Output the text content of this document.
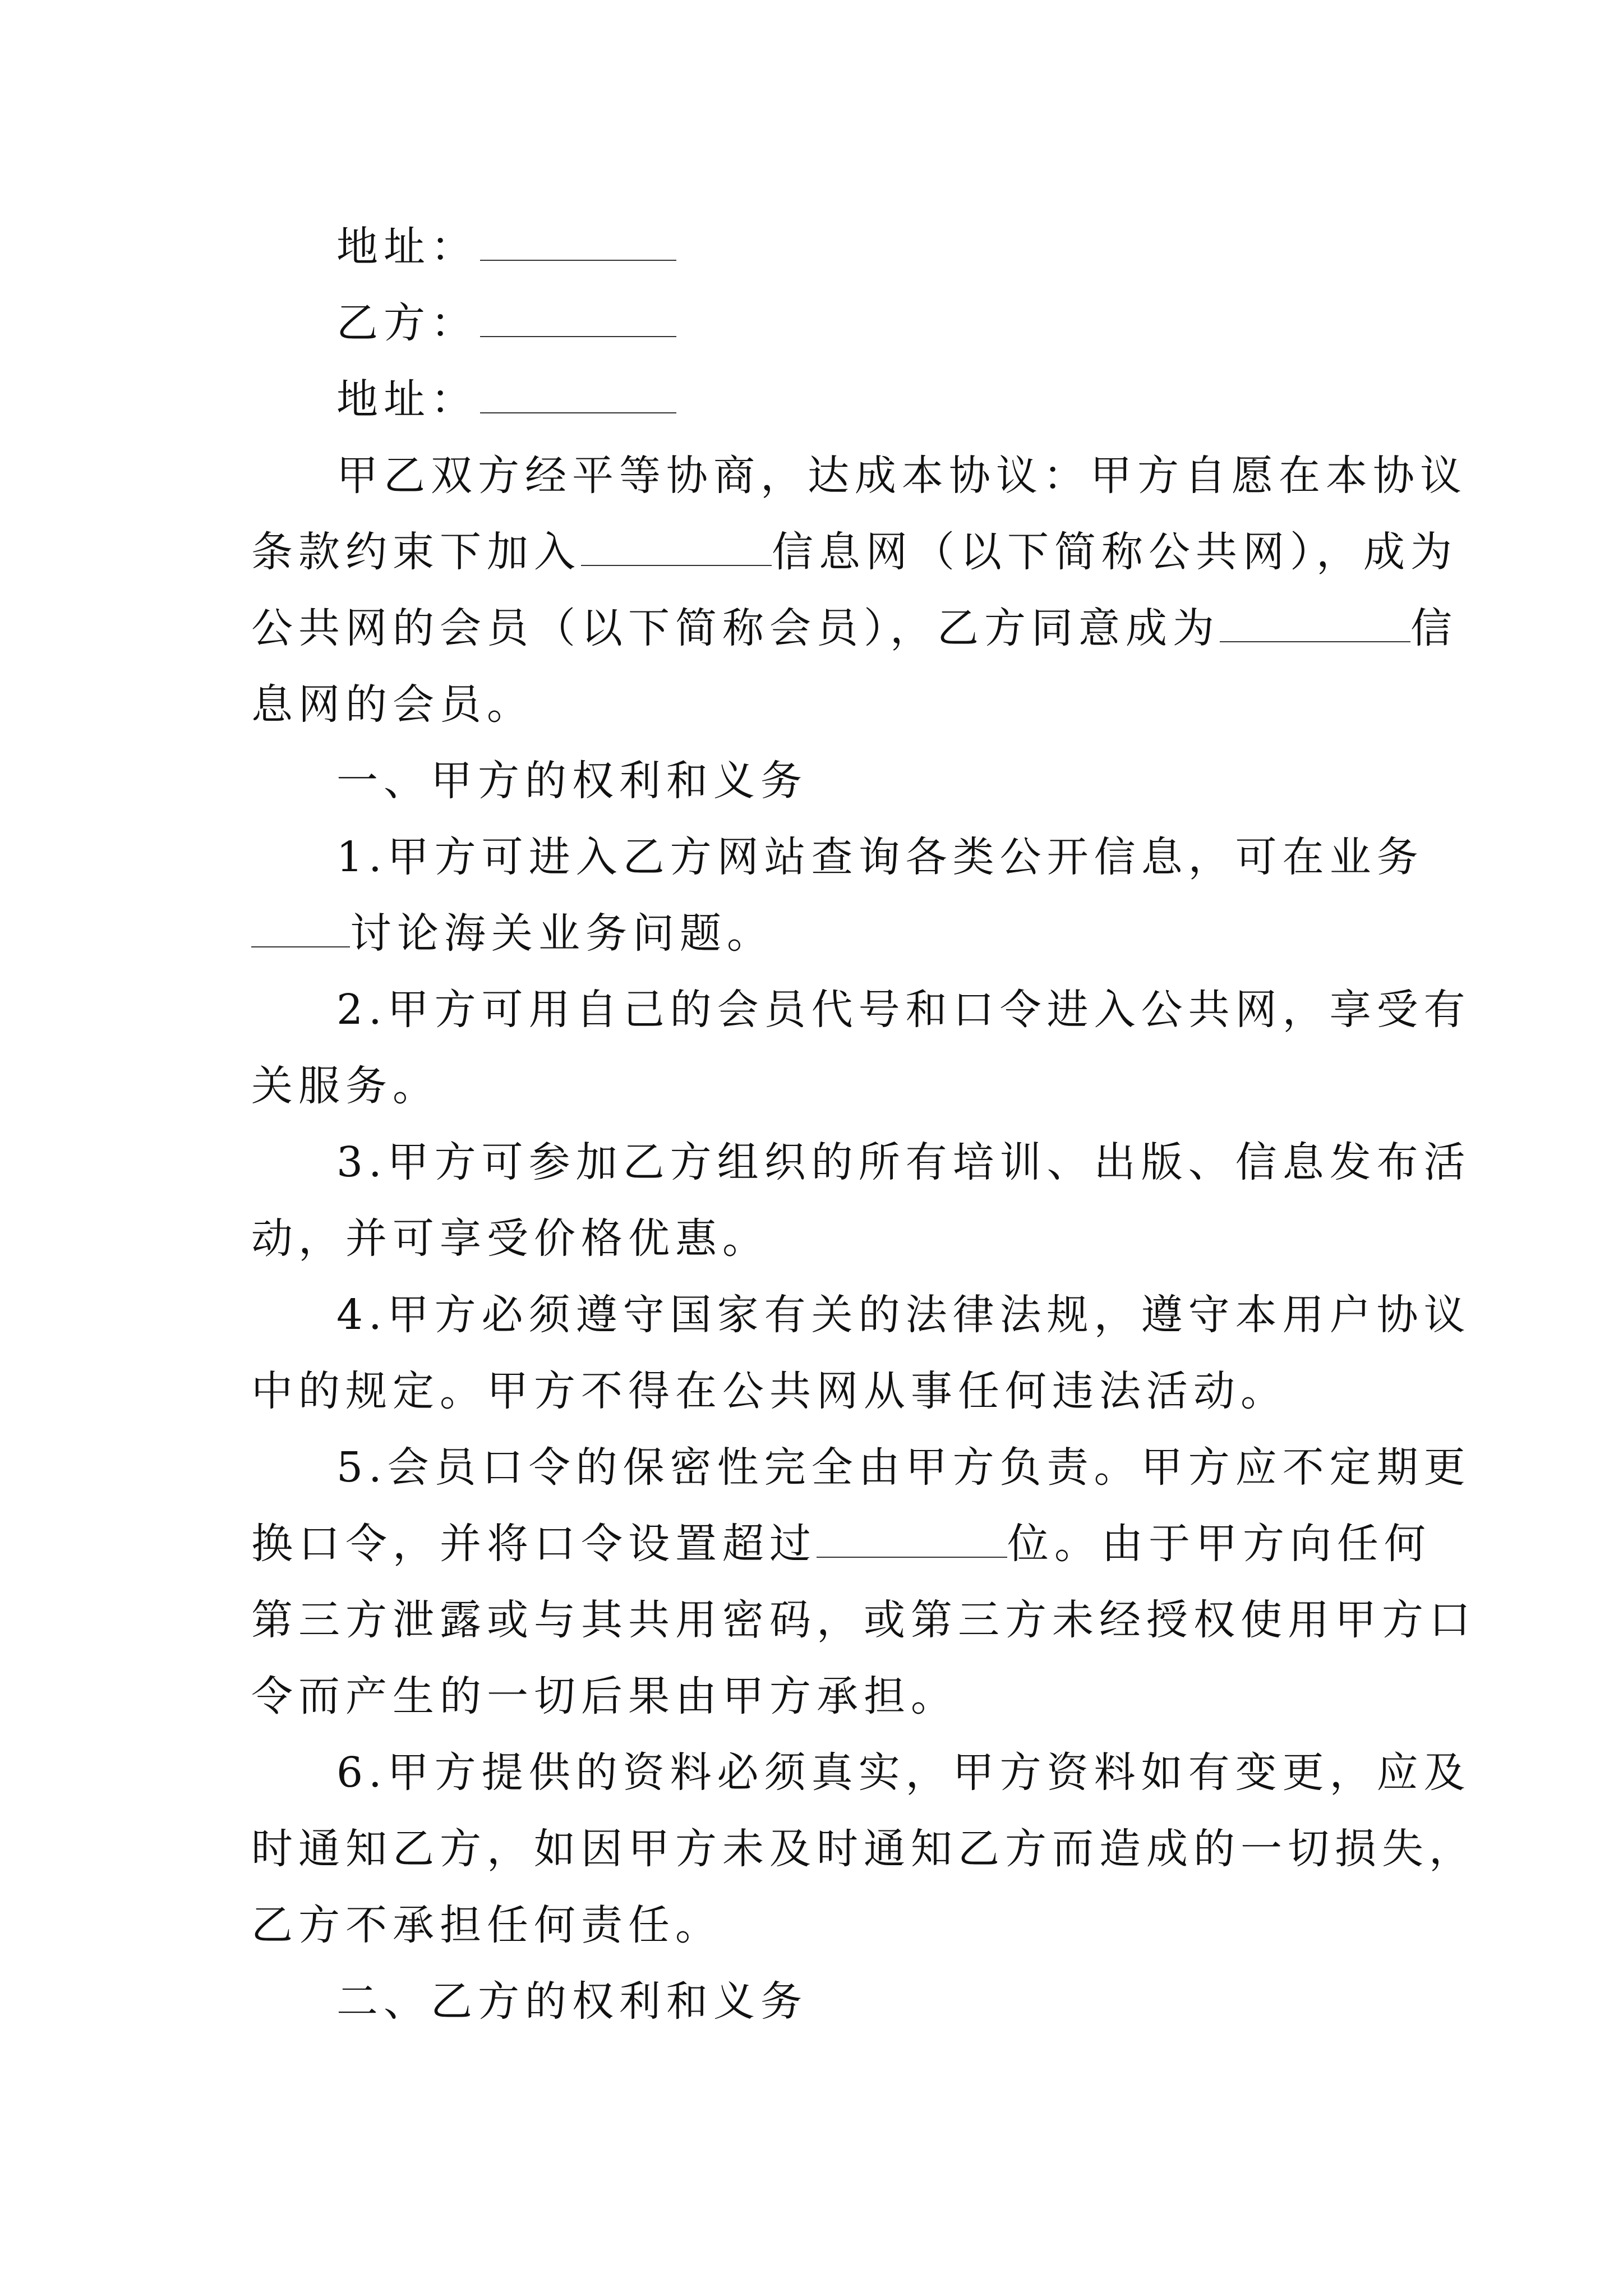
地址：
乙方：
地址：
甲乙双方经平等协商，达成本协议：甲方自愿在本协议
条款约束下加入	信息网（以下简称公共网），成为
公共网的会员（以下简称会员），乙方同意成为	信
息网的会员。
一、甲方的权利和义务
1.甲方可进入乙方网站查询各类公开信息，可在业务
讨论海关业务问题。
2.甲方可用自己的会员代号和口令进入公共网，享受有
关服务。
3.甲方可参加乙方组织的所有培训、出版、信息发布活
动，并可享受价格优惠。
4.甲方必须遵守国家有关的法律法规，遵守本用户协议
中的规定。甲方不得在公共网从事任何违法活动。
5.会员口令的保密性完全由甲方负责。甲方应不定期更
换口令，并将口令设置超过	位。由于甲方向任何
第三方泄露或与其共用密码，或第三方未经授权使用甲方口
令而产生的一切后果由甲方承担。
6.甲方提供的资料必须真实，甲方资料如有变更，应及
时通知乙方，如因甲方未及时通知乙方而造成的一切损失，
乙方不承担任何责任。
二、乙方的权利和义务
